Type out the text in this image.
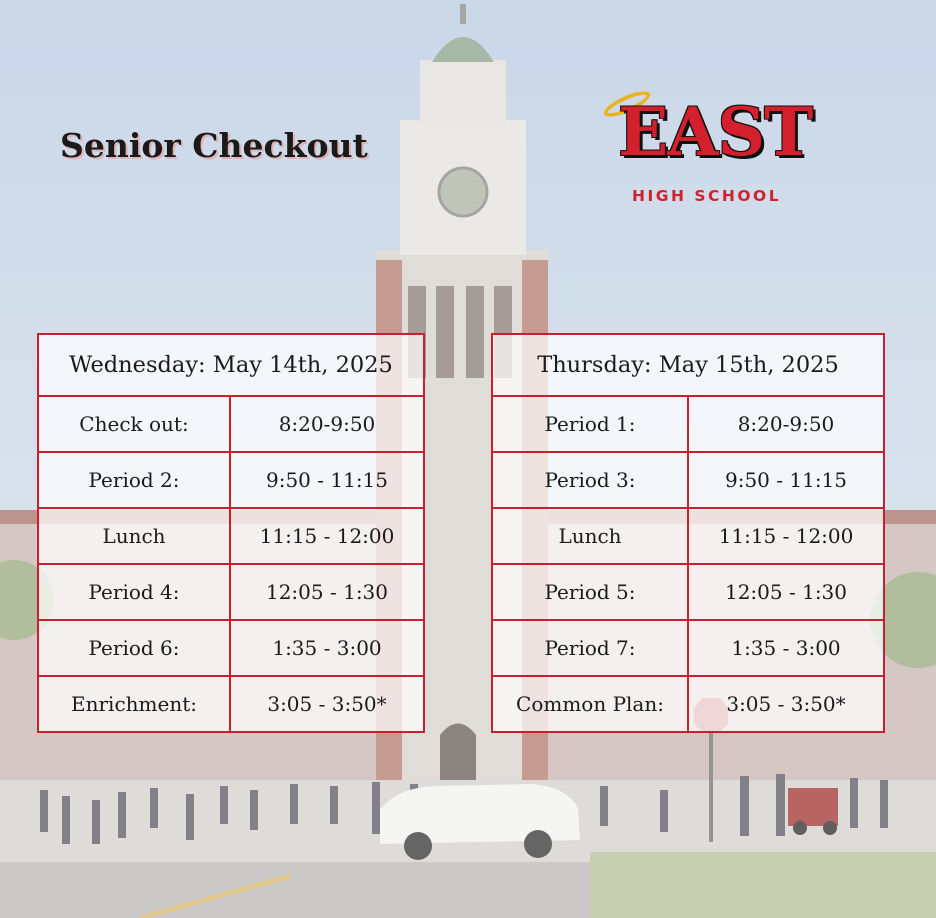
Senior Checkout	EAST
HIGH SCHOOL
Wednesday: May 14th, 2025	
Check out:	8:20-9:50
Period 2:	9:50 - 11:15
Lunch	11:15 - 12:00
Period 4:	12:05 - 1:30
Period 6:	1:35 - 3:00
Enrichment:	3:05 - 3:50*
Thursday: May 15th, 2025	
Period 1:	8:20-9:50
Period 3:	9:50 - 11:15
Lunch	11:15 - 12:00
Period 5:	12:05 - 1:30
Period 7:	1:35 - 3:00
Common Plan:	3:05 - 3:50*
